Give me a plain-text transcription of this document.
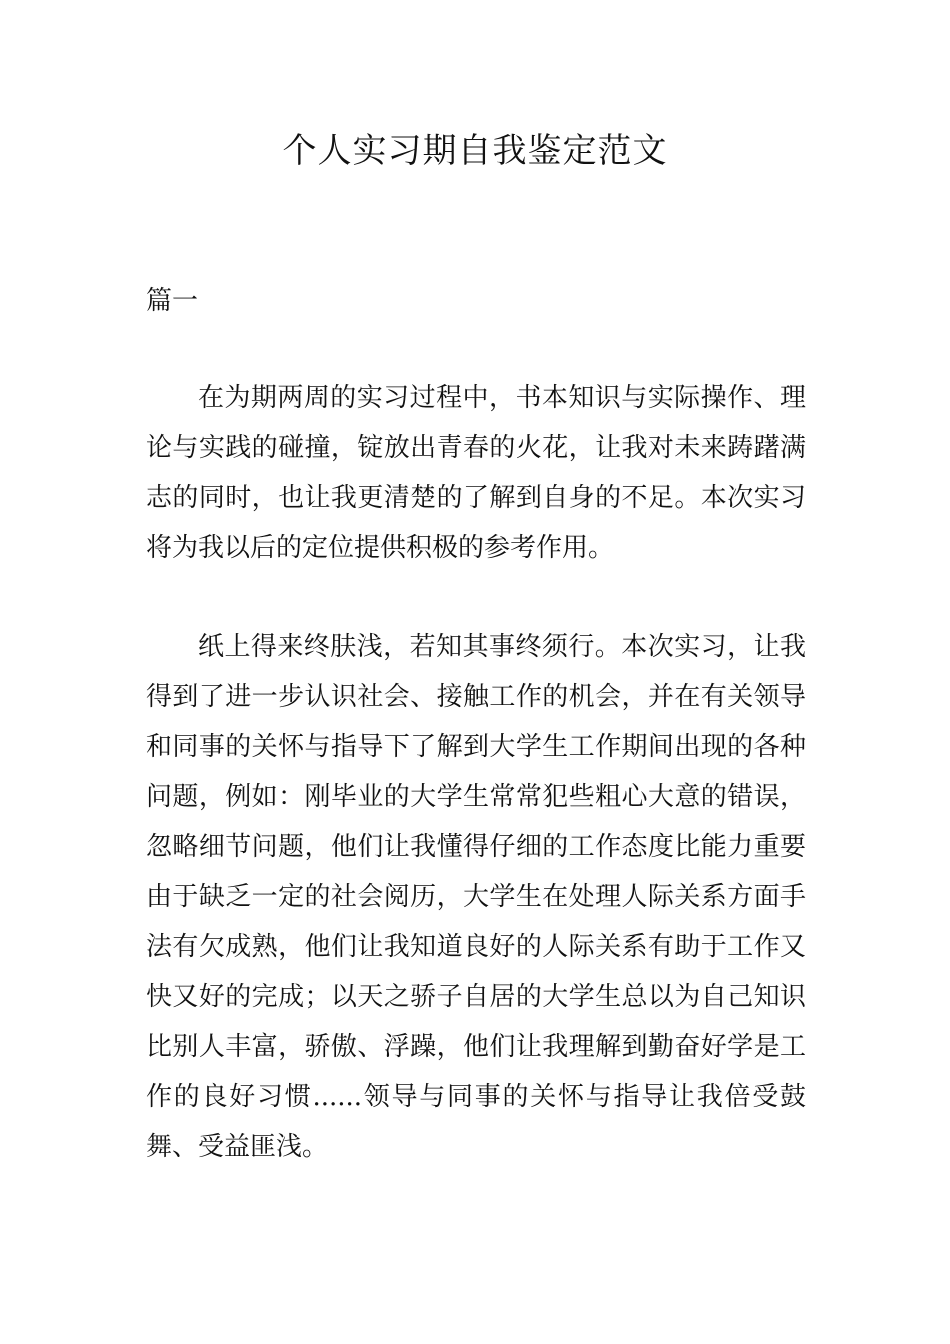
个人实习期自我鉴定范文

篇一

在为期两周的实习过程中，书本知识与实际操作、理论与实践的碰撞，锭放出青春的火花，让我对未来踌躇满志的同时，也让我更清楚的了解到自身的不足。本次实习将为我以后的定位提供积极的参考作用。

纸上得来终肤浅，若知其事终须行。本次实习，让我得到了进一步认识社会、接触工作的机会，并在有关领导和同事的关怀与指导下了解到大学生工作期间出现的各种问题，例如：刚毕业的大学生常常犯些粗心大意的错误，忽略细节问题，他们让我懂得仔细的工作态度比能力重要由于缺乏一定的社会阅历，大学生在处理人际关系方面手法有欠成熟，他们让我知道良好的人际关系有助于工作又快又好的完成；以天之骄子自居的大学生总以为自己知识比别人丰富，骄傲、浮躁，他们让我理解到勤奋好学是工作的良好习惯......领导与同事的关怀与指导让我倍受鼓舞、受益匪浅。
